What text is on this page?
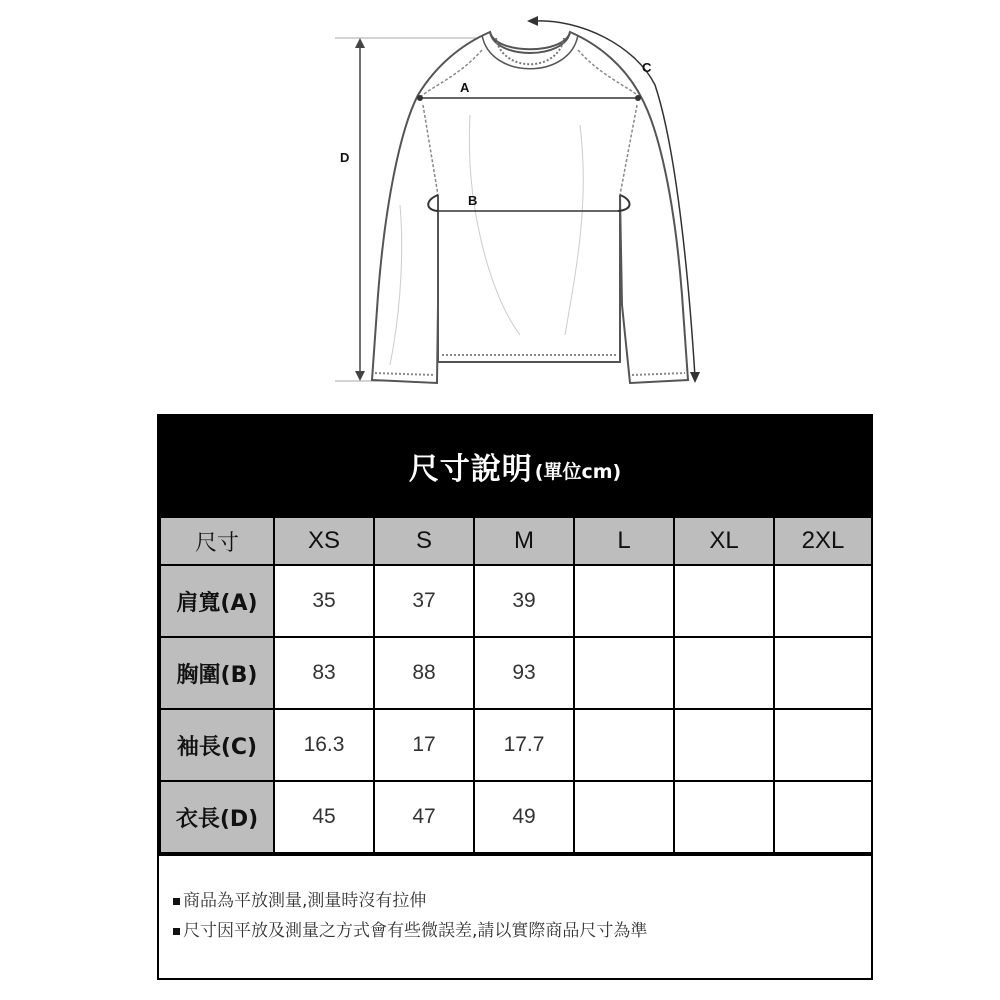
A
B
C
D
尺寸說明 (單位cm)
尺寸	XS	S	M	L	XL	2XL
肩寬(A)	35	37	39			
胸圍(B)	83	88	93			
袖長(C)	16.3	17	17.7			
衣長(D)	45	47	49			
商品為平放測量,測量時沒有拉伸
尺寸因平放及測量之方式會有些微誤差,請以實際商品尺寸為準
